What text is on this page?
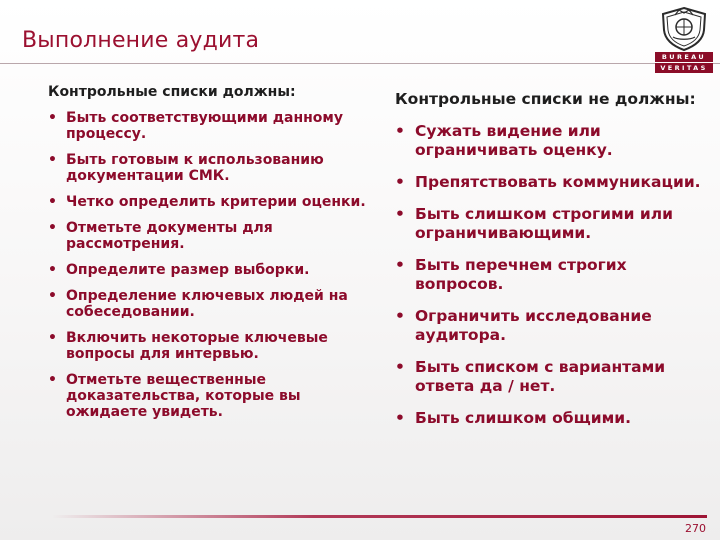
Выполнение аудита
BUREAU
VERITAS
Контрольные списки должны:
• Быть соответствующими данному процессу.
• Быть готовым к использованию документации СМК.
• Четко определить критерии оценки.
• Отметьте документы для рассмотрения.
• Определите размер выборки.
• Определение ключевых людей на собеседовании.
• Включить некоторые ключевые вопросы для интервью.
• Отметьте вещественные доказательства, которые вы ожидаете увидеть.
Контрольные списки не должны:
• Сужать видение или ограничивать оценку.
• Препятствовать коммуникации.
• Быть слишком строгими или ограничивающими.
• Быть перечнем строгих вопросов.
• Ограничить исследование аудитора.
• Быть списком с вариантами ответа да / нет.
• Быть слишком общими.
270
